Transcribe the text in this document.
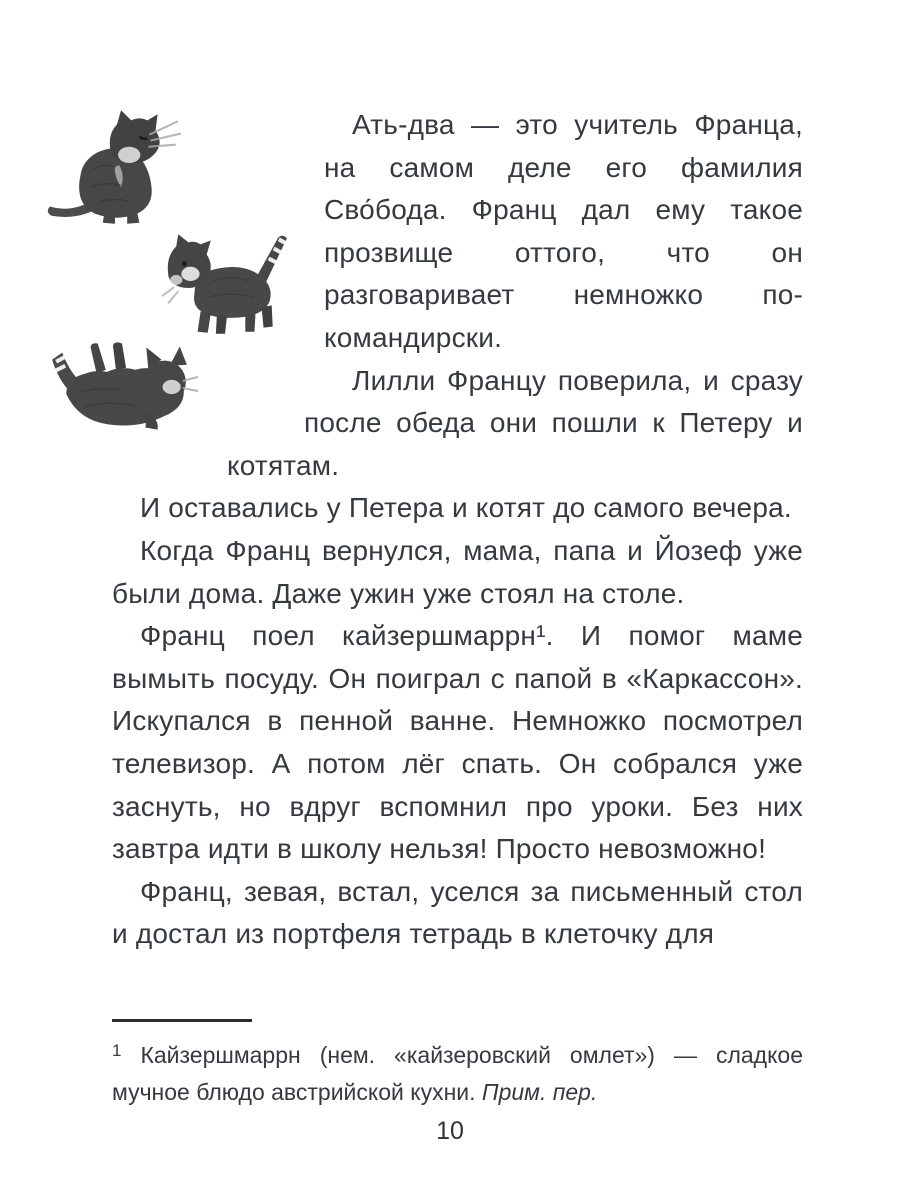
Ать-два — это учитель Франца, на самом деле его фамилия Сво́бода. Франц дал ему такое прозвище оттого, что он разговаривает немножко по-командирски.

Лилли Францу поверила, и сразу после обеда они пошли к Петеру и котятам.

И оставались у Петера и котят до самого вечера.

Когда Франц вернулся, мама, папа и Йозеф уже были дома. Даже ужин уже стоял на столе.

Франц поел кайзершмаррн¹. И помог маме вымыть посуду. Он поиграл с папой в «Каркассон». Искупался в пенной ванне. Немножко посмотрел телевизор. А потом лёг спать. Он собрался уже заснуть, но вдруг вспомнил про уроки. Без них завтра идти в школу нельзя! Просто невозможно!

Франц, зевая, встал, уселся за письменный стол и достал из портфеля тетрадь в клеточку для

$^1$ Кайзершмаррн (нем. «кайзеровский омлет») — сладкое мучное блюдо австрийской кухни. Прим. пер.

10
